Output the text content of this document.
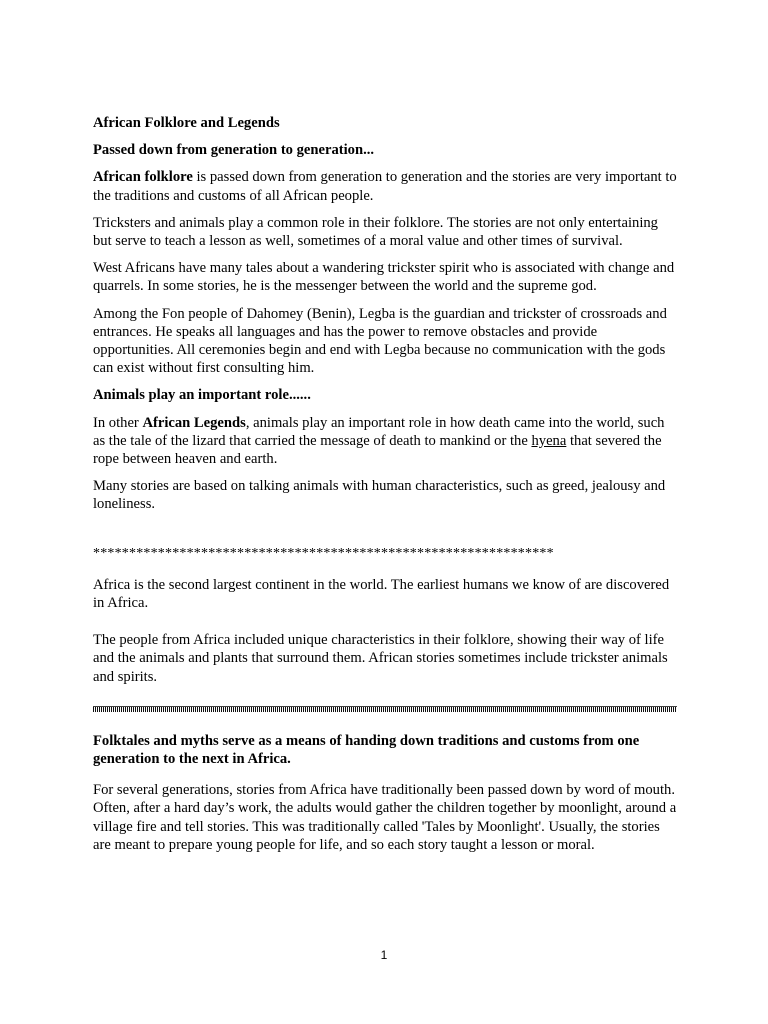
African Folklore and Legends

Passed down from generation to generation...

African folklore is passed down from generation to generation and the stories are very important to the traditions and customs of all African people.

Tricksters and animals play a common role in their folklore. The stories are not only entertaining but serve to teach a lesson as well, sometimes of a moral value and other times of survival.

West Africans have many tales about a wandering trickster spirit who is associated with change and quarrels. In some stories, he is the messenger between the world and the supreme god.

Among the Fon people of Dahomey (Benin), Legba is the guardian and trickster of crossroads and entrances. He speaks all languages and has the power to remove obstacles and provide opportunities. All ceremonies begin and end with Legba because no communication with the gods can exist without first consulting him.

Animals play an important role......

In other African Legends, animals play an important role in how death came into the world, such as the tale of the lizard that carried the message of death to mankind or the hyena that severed the rope between heaven and earth.

Many stories are based on talking animals with human characteristics, such as greed, jealousy and loneliness.

****************************************************************

Africa is the second largest continent in the world. The earliest humans we know of are discovered in Africa.

The people from Africa included unique characteristics in their folklore, showing their way of life and the animals and plants that surround them. African stories sometimes include trickster animals and spirits.

Folktales and myths serve as a means of handing down traditions and customs from one generation to the next in Africa.

For several generations, stories from Africa have traditionally been passed down by word of mouth. Often, after a hard day’s work, the adults would gather the children together by moonlight, around a village fire and tell stories. This was traditionally called 'Tales by Moonlight'. Usually, the stories are meant to prepare young people for life, and so each story taught a lesson or moral.

1
